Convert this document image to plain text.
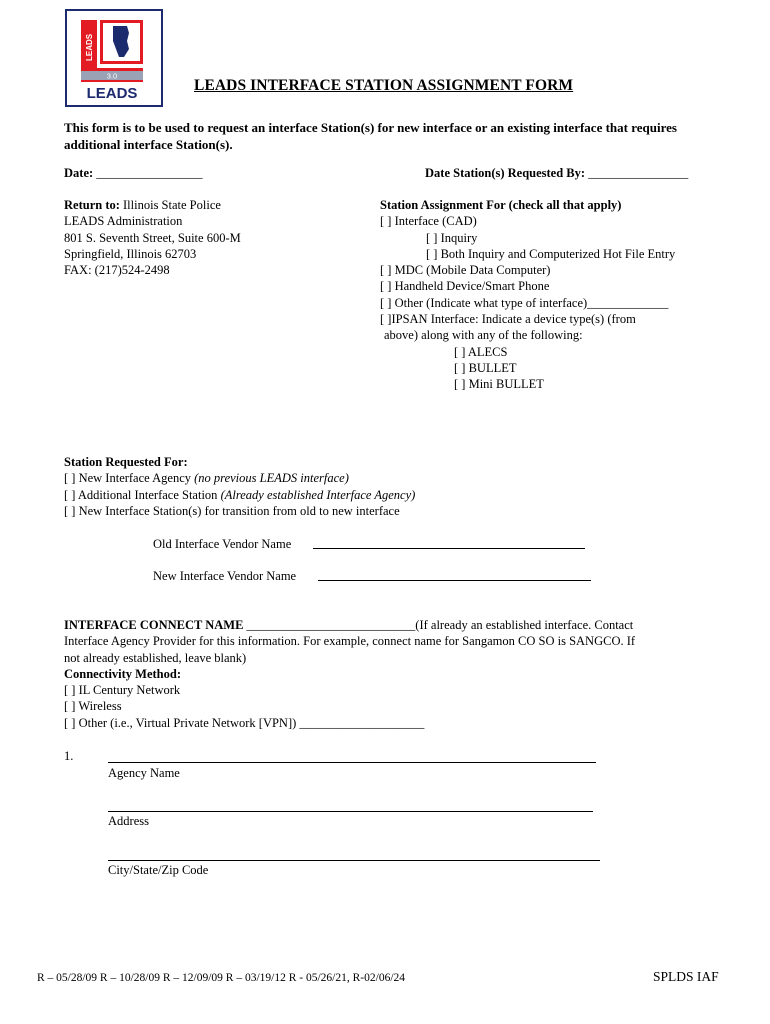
LEADS
3.0
LEADS	LEADS INTERFACE STATION ASSIGNMENT FORM
This form is to be used to request an interface Station(s) for new interface or an existing interface that requires additional interface Station(s).
Date: _________________	Date Station(s) Requested By: ________________
Return to: Illinois State Police
LEADS Administration
801 S. Seventh Street, Suite 600-M
Springfield, Illinois 62703
FAX: (217)524-2498
Station Assignment For (check all that apply)
[ ] Interface (CAD)
[ ] Inquiry
[ ] Both Inquiry and Computerized Hot File Entry
[ ] MDC (Mobile Data Computer)
[ ] Handheld Device/Smart Phone
[ ] Other (Indicate what type of interface)_____________
[ ]IPSAN Interface: Indicate a device type(s) (from
above) along with any of the following:
[ ] ALECS
[ ] BULLET
[ ] Mini BULLET
Station Requested For:
[ ] New Interface Agency (no previous LEADS interface)
[ ] Additional Interface Station (Already established Interface Agency)
[ ] New Interface Station(s) for transition from old to new interface
Old Interface Vendor Name
New Interface Vendor Name
INTERFACE CONNECT NAME ___________________________(If already an established interface. Contact
Interface Agency Provider for this information. For example, connect name for Sangamon CO SO is SANGCO. If
not already established, leave blank)
Connectivity Method:
[ ] IL Century Network
[ ] Wireless
[ ] Other (i.e., Virtual Private Network [VPN]) ____________________
1.
Agency Name
Address
City/State/Zip Code
R – 05/28/09 R – 10/28/09 R – 12/09/09 R – 03/19/12 R - 05/26/21, R-02/06/24	SPLDS IAF
